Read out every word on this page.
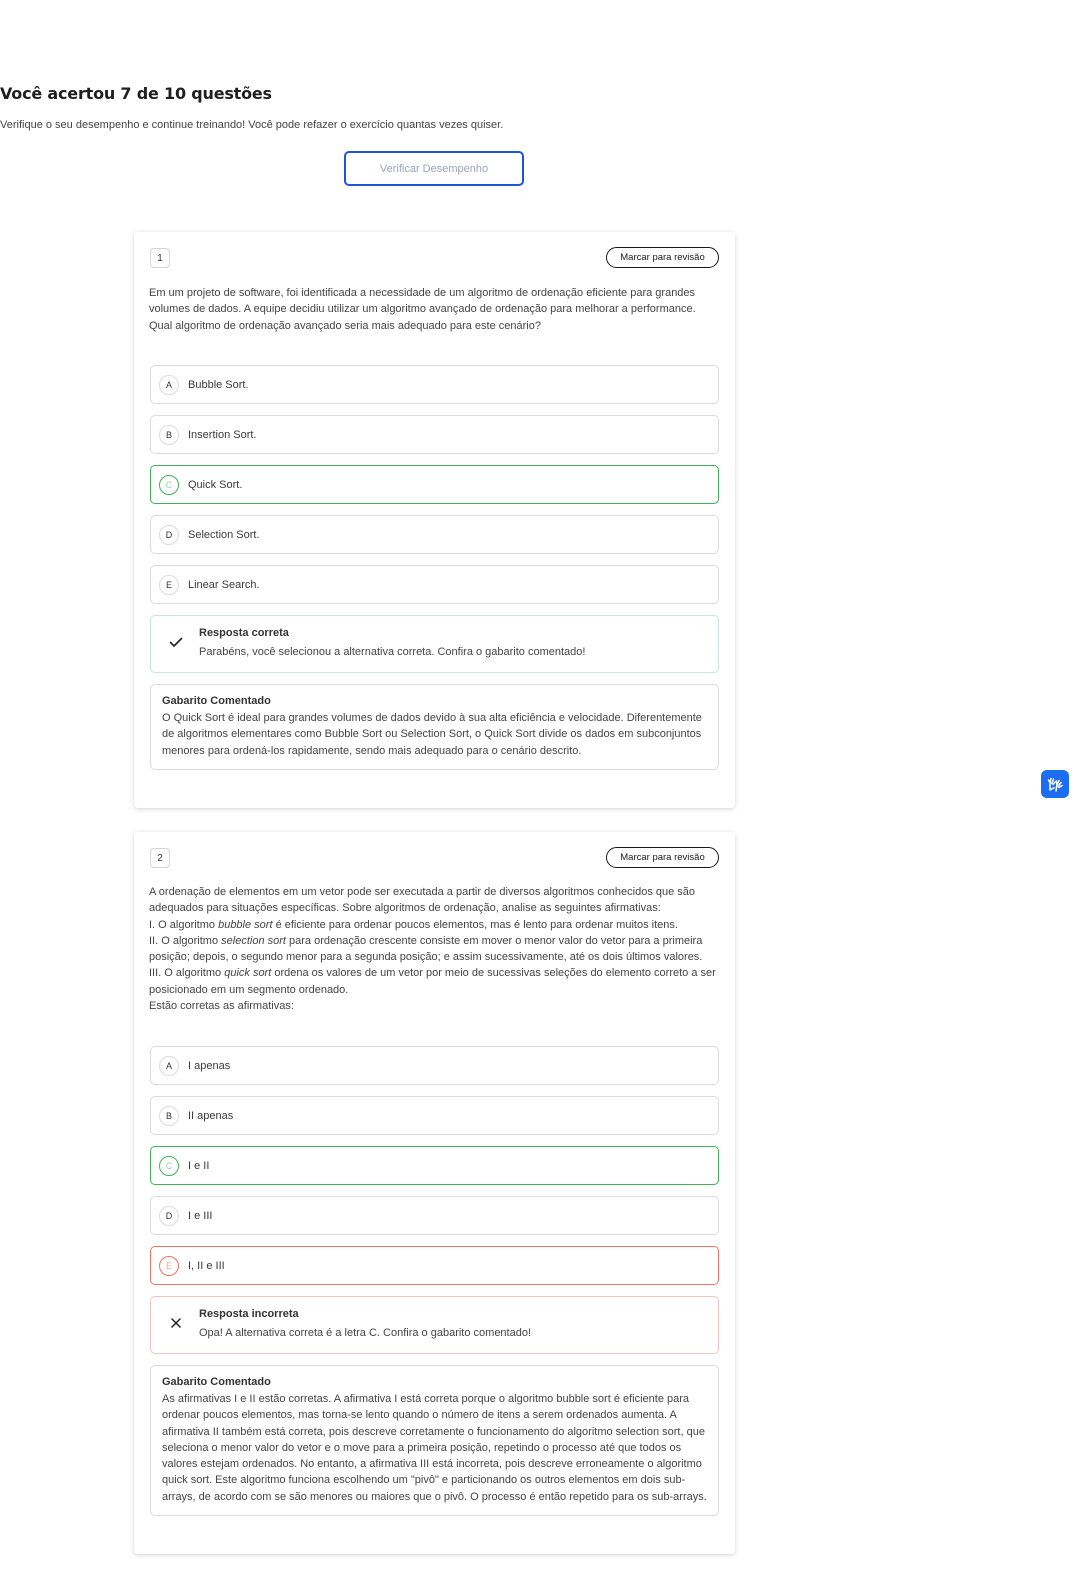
Você acertou 7 de 10 questões
Verifique o seu desempenho e continue treinando! Você pode refazer o exercício quantas vezes quiser.
Verificar Desempenho
1	Marcar para revisão

Em um projeto de software, foi identificada a necessidade de um algoritmo de ordenação eficiente para grandes volumes de dados. A equipe decidiu utilizar um algoritmo avançado de ordenação para melhorar a performance.

Qual algoritmo de ordenação avançado seria mais adequado para este cenário?

A	Bubble Sort.
B	Insertion Sort.
C	Quick Sort.
D	Selection Sort.
E	Linear Search.
Resposta correta
Parabéns, você selecionou a alternativa correta. Confira o gabarito comentado!
Gabarito Comentado
O Quick Sort é ideal para grandes volumes de dados devido à sua alta eficiência e velocidade. Diferentemente de algoritmos elementares como Bubble Sort ou Selection Sort, o Quick Sort divide os dados em subconjuntos menores para ordená-los rapidamente, sendo mais adequado para o cenário descrito.
2	Marcar para revisão

A ordenação de elementos em um vetor pode ser executada a partir de diversos algoritmos conhecidos que são adequados para situações específicas. Sobre algoritmos de ordenação, analise as seguintes afirmativas:

I. O algoritmo bubble sort é eficiente para ordenar poucos elementos, mas é lento para ordenar muitos itens.

II. O algoritmo selection sort para ordenação crescente consiste em mover o menor valor do vetor para a primeira posição; depois, o segundo menor para a segunda posição; e assim sucessivamente, até os dois últimos valores.

III. O algoritmo quick sort ordena os valores de um vetor por meio de sucessivas seleções do elemento correto a ser posicionado em um segmento ordenado.

Estão corretas as afirmativas:

A	I apenas
B	II apenas
C	I e II
D	I e III
E	I, II e III
Resposta incorreta
Opa! A alternativa correta é a letra C. Confira o gabarito comentado!
Gabarito Comentado
As afirmativas I e II estão corretas. A afirmativa I está correta porque o algoritmo bubble sort é eficiente para ordenar poucos elementos, mas torna-se lento quando o número de itens a serem ordenados aumenta. A afirmativa II também está correta, pois descreve corretamente o funcionamento do algoritmo selection sort, que seleciona o menor valor do vetor e o move para a primeira posição, repetindo o processo até que todos os valores estejam ordenados. No entanto, a afirmativa III está incorreta, pois descreve erroneamente o algoritmo quick sort. Este algoritmo funciona escolhendo um "pivô" e particionando os outros elementos em dois sub-arrays, de acordo com se são menores ou maiores que o pivô. O processo é então repetido para os sub-arrays.
